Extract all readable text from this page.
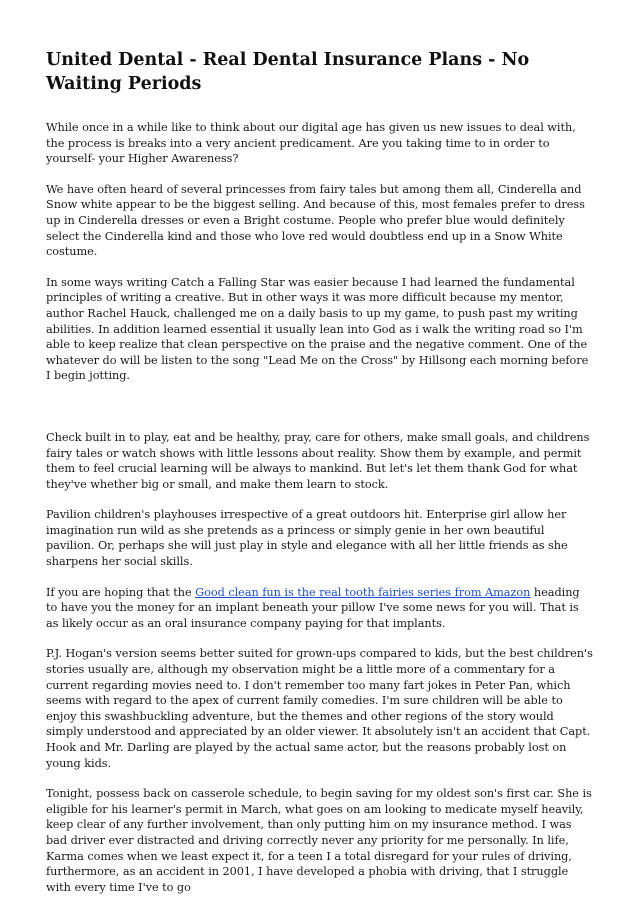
United Dental - Real Dental Insurance Plans - No Waiting Periods

While once in a while like to think about our digital age has given us new issues to deal with, the process is breaks into a very ancient predicament. Are you taking time to in order to yourself- your Higher Awareness?

We have often heard of several princesses from fairy tales but among them all, Cinderella and Snow white appear to be the biggest selling. And because of this, most females prefer to dress up in Cinderella dresses or even a Bright costume. People who prefer blue would definitely select the Cinderella kind and those who love red would doubtless end up in a Snow White costume.

In some ways writing Catch a Falling Star was easier because I had learned the fundamental principles of writing a creative. But in other ways it was more difficult because my mentor, author Rachel Hauck, challenged me on a daily basis to up my game, to push past my writing abilities. In addition learned essential it usually lean into God as i walk the writing road so I'm able to keep realize that clean perspective on the praise and the negative comment. One of the whatever do will be listen to the song "Lead Me on the Cross" by Hillsong each morning before I begin jotting.

Check built in to play, eat and be healthy, pray, care for others, make small goals, and childrens fairy tales or watch shows with little lessons about reality. Show them by example, and permit them to feel crucial learning will be always to mankind. But let's let them thank God for what they've whether big or small, and make them learn to stock.

Pavilion children's playhouses irrespective of a great outdoors hit. Enterprise girl allow her imagination run wild as she pretends as a princess or simply genie in her own beautiful pavilion. Or, perhaps she will just play in style and elegance with all her little friends as she sharpens her social skills.

If you are hoping that the Good clean fun is the real tooth fairies series from Amazon heading to have you the money for an implant beneath your pillow I've some news for you will. That is as likely occur as an oral insurance company paying for that implants.

P.J. Hogan's version seems better suited for grown-ups compared to kids, but the best children's stories usually are, although my observation might be a little more of a commentary for a current regarding movies need to. I don't remember too many fart jokes in Peter Pan, which seems with regard to the apex of current family comedies. I'm sure children will be able to enjoy this swashbuckling adventure, but the themes and other regions of the story would simply understood and appreciated by an older viewer. It absolutely isn't an accident that Capt. Hook and Mr. Darling are played by the actual same actor, but the reasons probably lost on young kids.

Tonight, possess back on casserole schedule, to begin saving for my oldest son's first car. She is eligible for his learner's permit in March, what goes on am looking to medicate myself heavily, keep clear of any further involvement, than only putting him on my insurance method. I was bad driver ever distracted and driving correctly never any priority for me personally. In life, Karma comes when we least expect it, for a teen I a total disregard for your rules of driving, furthermore, as an accident in 2001, I have developed a phobia with driving, that I struggle with every time I've to go
